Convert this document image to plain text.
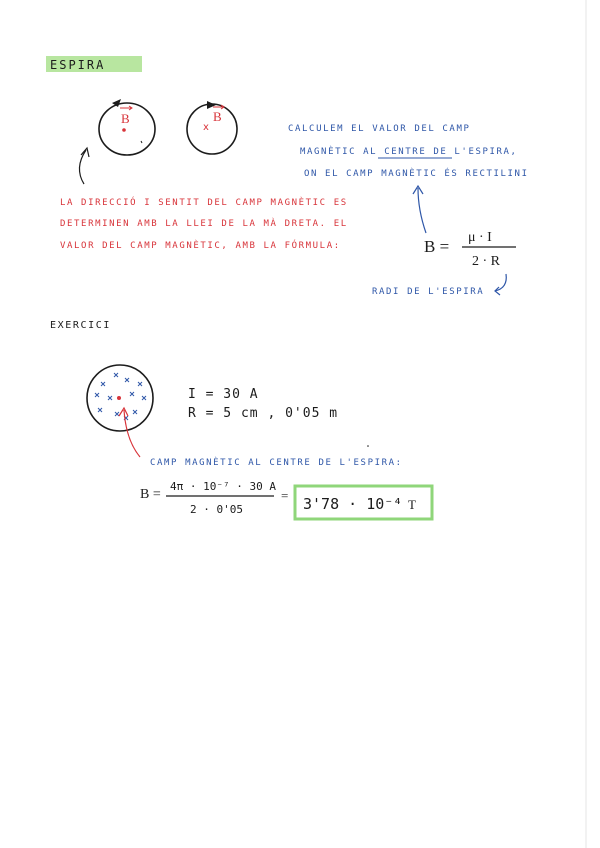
ESPIRA
B	B
x	CALCULEM EL VALOR DEL CAMP
MAGNÈTIC AL CENTRE DE L'ESPIRA,
ON EL CAMP MAGNÈTIC ÉS RECTILINI
LA DIRECCIÓ I SENTIT DEL CAMP MAGNÈTIC ES
DETERMINEN AMB LA LLEI DE LA MÀ DRETA. EL
VALOR DEL CAMP MAGNÈTIC, AMB LA FÓRMULA:	B = μ · I
2 · R
RADI DE L'ESPIRA
EXERCICI
I = 30 A
R = 5 cm , 0'05 m
CAMP MAGNÈTIC AL CENTRE DE L'ESPIRA:
B =
4π · 10⁻⁷ · 30 A
2 · 0'05
= 3'78 · 10⁻⁴ T
